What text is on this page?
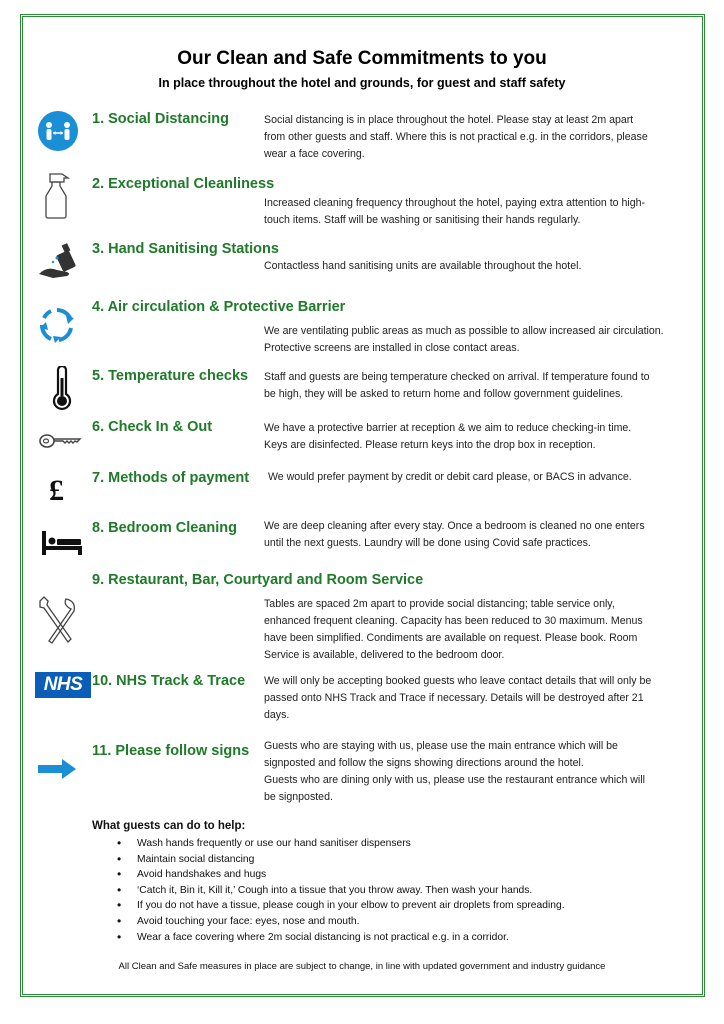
Our Clean and Safe Commitments to you
In place throughout the hotel and grounds, for guest and staff safety
1. Social Distancing	Social distancing is in place throughout the hotel. Please stay at least 2m apart
from other guests and staff. Where this is not practical e.g. in the corridors, please
wear a face covering.
2. Exceptional Cleanliness
Increased cleaning frequency throughout the hotel, paying extra attention to high-
touch items. Staff will be washing or sanitising their hands regularly.
3. Hand Sanitising Stations
Contactless hand sanitising units are available throughout the hotel.
4. Air circulation & Protective Barrier
We are ventilating public areas as much as possible to allow increased air circulation.
Protective screens are installed in close contact areas.
5. Temperature checks Staff and guests are being temperature checked on arrival. If temperature found to
be high, they will be asked to return home and follow government guidelines.
6. Check In & Out	We have a protective barrier at reception & we aim to reduce checking-in time.
Keys are disinfected. Please return keys into the drop box in reception.
£ 7. Methods of payment We would prefer payment by credit or debit card please, or BACS in advance.
8. Bedroom Cleaning	We are deep cleaning after every stay. Once a bedroom is cleaned no one enters
until the next guests. Laundry will be done using Covid safe practices.
9. Restaurant, Bar, Courtyard and Room Service
Tables are spaced 2m apart to provide social distancing; table service only,
enhanced frequent cleaning. Capacity has been reduced to 30 maximum. Menus
have been simplified. Condiments are available on request. Please book. Room
Service is available, delivered to the bedroom door.
NHS 10. NHS Track & Trace We will only be accepting booked guests who leave contact details that will only be
passed onto NHS Track and Trace if necessary. Details will be destroyed after 21
days.
11. Please follow signs Guests who are staying with us, please use the main entrance which will be
signposted and follow the signs showing directions around the hotel.
Guests who are dining only with us, please use the restaurant entrance which will
be signposted.
What guests can do to help:
• Wash hands frequently or use our hand sanitiser dispensers
• Maintain social distancing
• Avoid handshakes and hugs
• ‘Catch it, Bin it, Kill it,’ Cough into a tissue that you throw away. Then wash your hands.
• If you do not have a tissue, please cough in your elbow to prevent air droplets from spreading.
• Avoid touching your face: eyes, nose and mouth.
• Wear a face covering where 2m social distancing is not practical e.g. in a corridor.
All Clean and Safe measures in place are subject to change, in line with updated government and industry guidance
